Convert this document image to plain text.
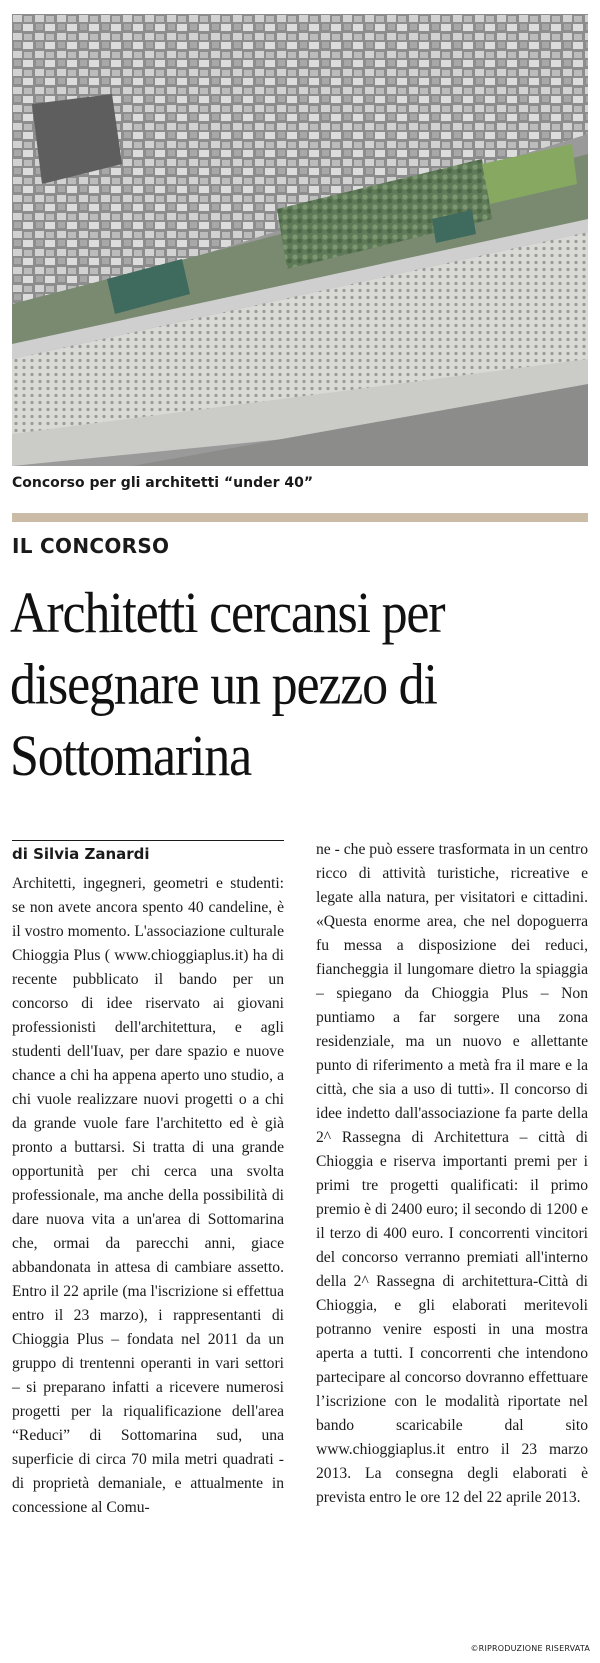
Concorso per gli architetti “under 40”
IL CONCORSO
Architetti cercansi per disegnare un pezzo di Sottomarina
di Silvia Zanardi

Architetti, ingegneri, geometri e studenti: se non avete ancora spento 40 candeline, è il vostro momento. L'associazione culturale Chioggia Plus ( www.chioggiaplus.it) ha di recente pubblicato il bando per un concorso di idee riservato ai giovani professionisti dell'architettura, e agli studenti dell'Iuav, per dare spazio e nuove chance a chi ha appena aperto uno studio, a chi vuole realizzare nuovi progetti o a chi da grande vuole fare l'architetto ed è già pronto a buttarsi. Si tratta di una grande opportunità per chi cerca una svolta professionale, ma anche della possibilità di dare nuova vita a un'area di Sottomarina che, ormai da parecchi anni, giace abbandonata in attesa di cambiare assetto. Entro il 22 aprile (ma l'iscrizione si effettua entro il 23 marzo), i rappresentanti di Chioggia Plus – fondata nel 2011 da un gruppo di trentenni operanti in vari settori – si preparano infatti a ricevere numerosi progetti per la riqualificazione dell'area “Reduci” di Sottomarina sud, una superficie di circa 70 mila metri quadrati - di proprietà demaniale, e attualmente in concessione al Comu-

ne - che può essere trasformata in un centro ricco di attività turistiche, ricreative e legate alla natura, per visitatori e cittadini. «Questa enorme area, che nel dopoguerra fu messa a disposizione dei reduci, fiancheggia il lungomare dietro la spiaggia – spiegano da Chioggia Plus – Non puntiamo a far sorgere una zona residenziale, ma un nuovo e allettante punto di riferimento a metà fra il mare e la città, che sia a uso di tutti». Il concorso di idee indetto dall'associazione fa parte della 2^ Rassegna di Architettura – città di Chioggia e riserva importanti premi per i primi tre progetti qualificati: il primo premio è di 2400 euro; il secondo di 1200 e il terzo di 400 euro. I concorrenti vincitori del concorso verranno premiati all'interno della 2^ Rassegna di architettura-Città di Chioggia, e gli elaborati meritevoli potranno venire esposti in una mostra aperta a tutti. I concorrenti che intendono partecipare al concorso dovranno effettuare l’iscrizione con le modalità riportate nel bando scaricabile dal sito www.chioggiaplus.it entro il 23 marzo 2013. La consegna degli elaborati è prevista entro le ore 12 del 22 aprile 2013.

©RIPRODUZIONE RISERVATA
